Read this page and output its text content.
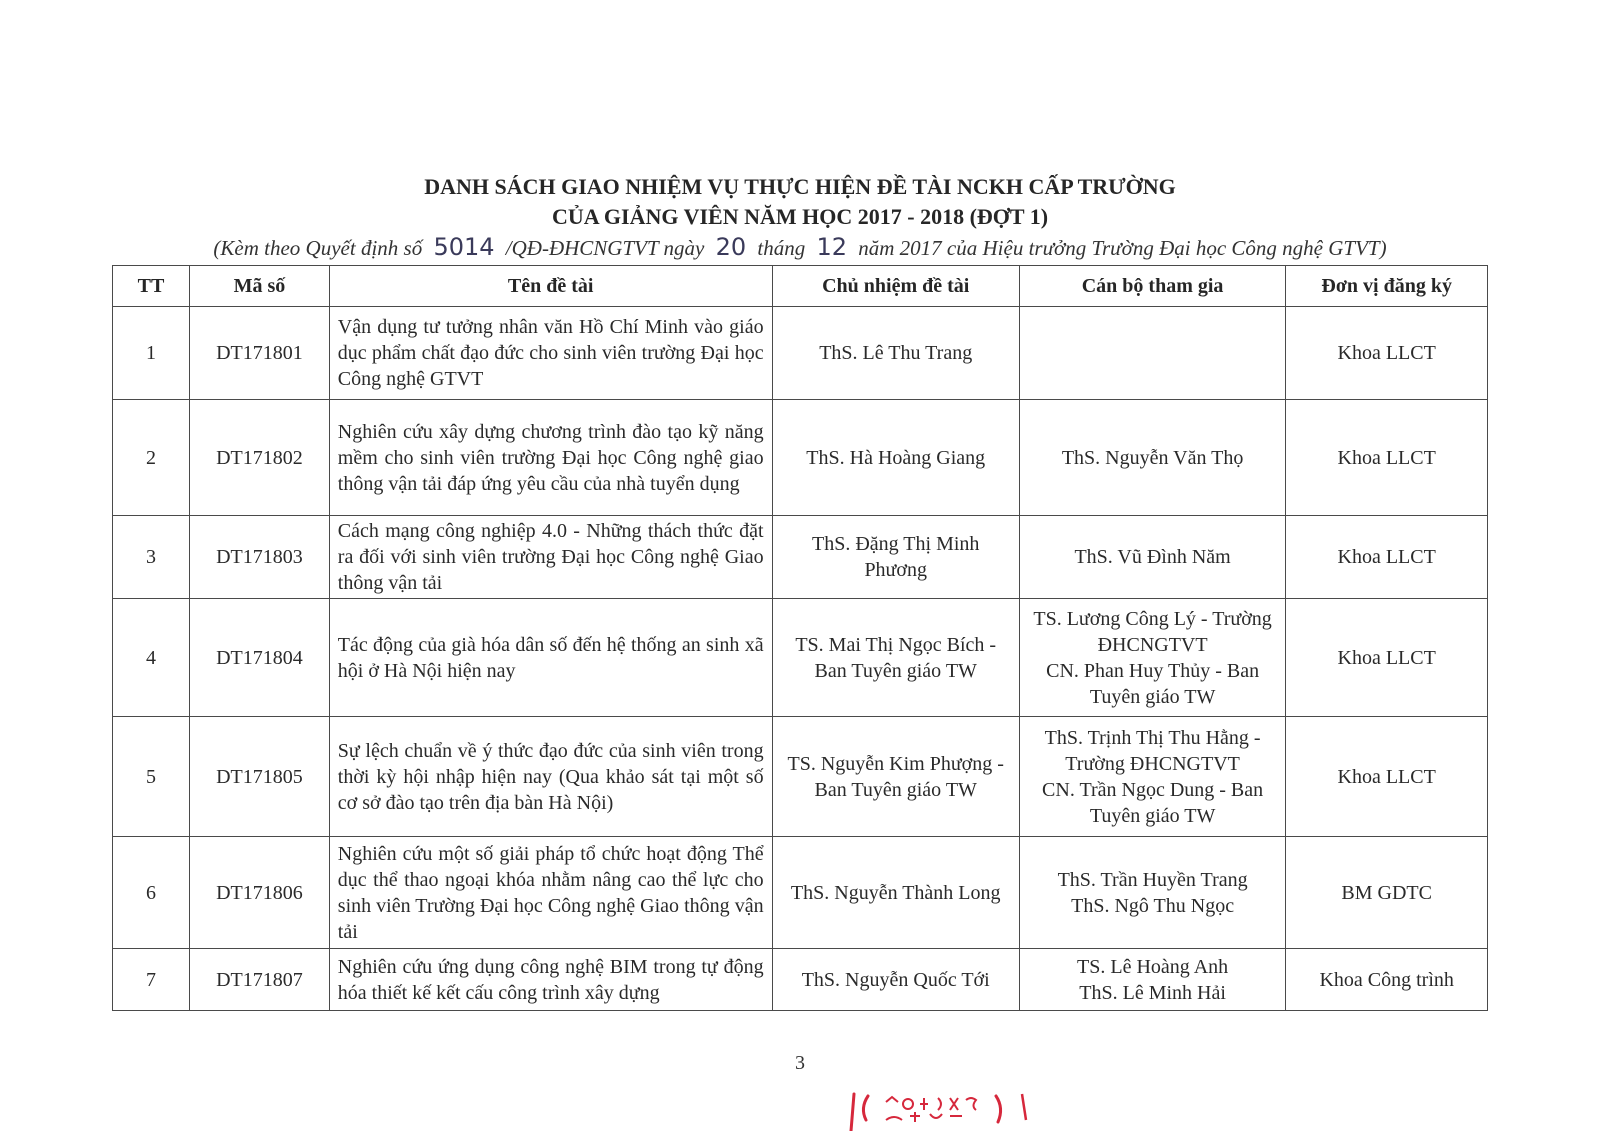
DANH SÁCH GIAO NHIỆM VỤ THỰC HIỆN ĐỀ TÀI NCKH CẤP TRƯỜNG
CỦA GIẢNG VIÊN NĂM HỌC 2017 - 2018 (ĐỢT 1)
(Kèm theo Quyết định số 5014 /QĐ-ĐHCNGTVT ngày 20 tháng 12 năm 2017 của Hiệu trưởng Trường Đại học Công nghệ GTVT)
TT	Mã số	Tên đề tài	Chủ nhiệm đề tài	Cán bộ tham gia	Đơn vị đăng ký
1	DT171801	Vận dụng tư tưởng nhân văn Hồ Chí Minh vào giáo dục phẩm chất đạo đức cho sinh viên trường Đại học Công nghệ GTVT	ThS. Lê Thu Trang		Khoa LLCT
2	DT171802	Nghiên cứu xây dựng chương trình đào tạo kỹ năng mềm cho sinh viên trường Đại học Công nghệ giao thông vận tải đáp ứng yêu cầu của nhà tuyển dụng	ThS. Hà Hoàng Giang	ThS. Nguyễn Văn Thọ	Khoa LLCT
3	DT171803	Cách mạng công nghiệp 4.0 - Những thách thức đặt ra đối với sinh viên trường Đại học Công nghệ Giao thông vận tải	ThS. Đặng Thị Minh Phương	ThS. Vũ Đình Năm	Khoa LLCT
4	DT171804	Tác động của già hóa dân số đến hệ thống an sinh xã hội ở Hà Nội hiện nay	TS. Mai Thị Ngọc Bích - Ban Tuyên giáo TW	TS. Lương Công Lý - Trường ĐHCNGTVT
CN. Phan Huy Thủy - Ban Tuyên giáo TW	Khoa LLCT
5	DT171805	Sự lệch chuẩn về ý thức đạo đức của sinh viên trong thời kỳ hội nhập hiện nay (Qua khảo sát tại một số cơ sở đào tạo trên địa bàn Hà Nội)	TS. Nguyễn Kim Phượng - Ban Tuyên giáo TW	ThS. Trịnh Thị Thu Hằng - Trường ĐHCNGTVT
CN. Trần Ngọc Dung - Ban Tuyên giáo TW	Khoa LLCT
6	DT171806	Nghiên cứu một số giải pháp tổ chức hoạt động Thể dục thể thao ngoại khóa nhằm nâng cao thể lực cho sinh viên Trường Đại học Công nghệ Giao thông vận tải	ThS. Nguyễn Thành Long	ThS. Trần Huyền Trang
ThS. Ngô Thu Ngọc	BM GDTC
7	DT171807	Nghiên cứu ứng dụng công nghệ BIM trong tự động hóa thiết kế kết cấu công trình xây dựng	ThS. Nguyễn Quốc Tới	TS. Lê Hoàng Anh
ThS. Lê Minh Hải	Khoa Công trình
3
